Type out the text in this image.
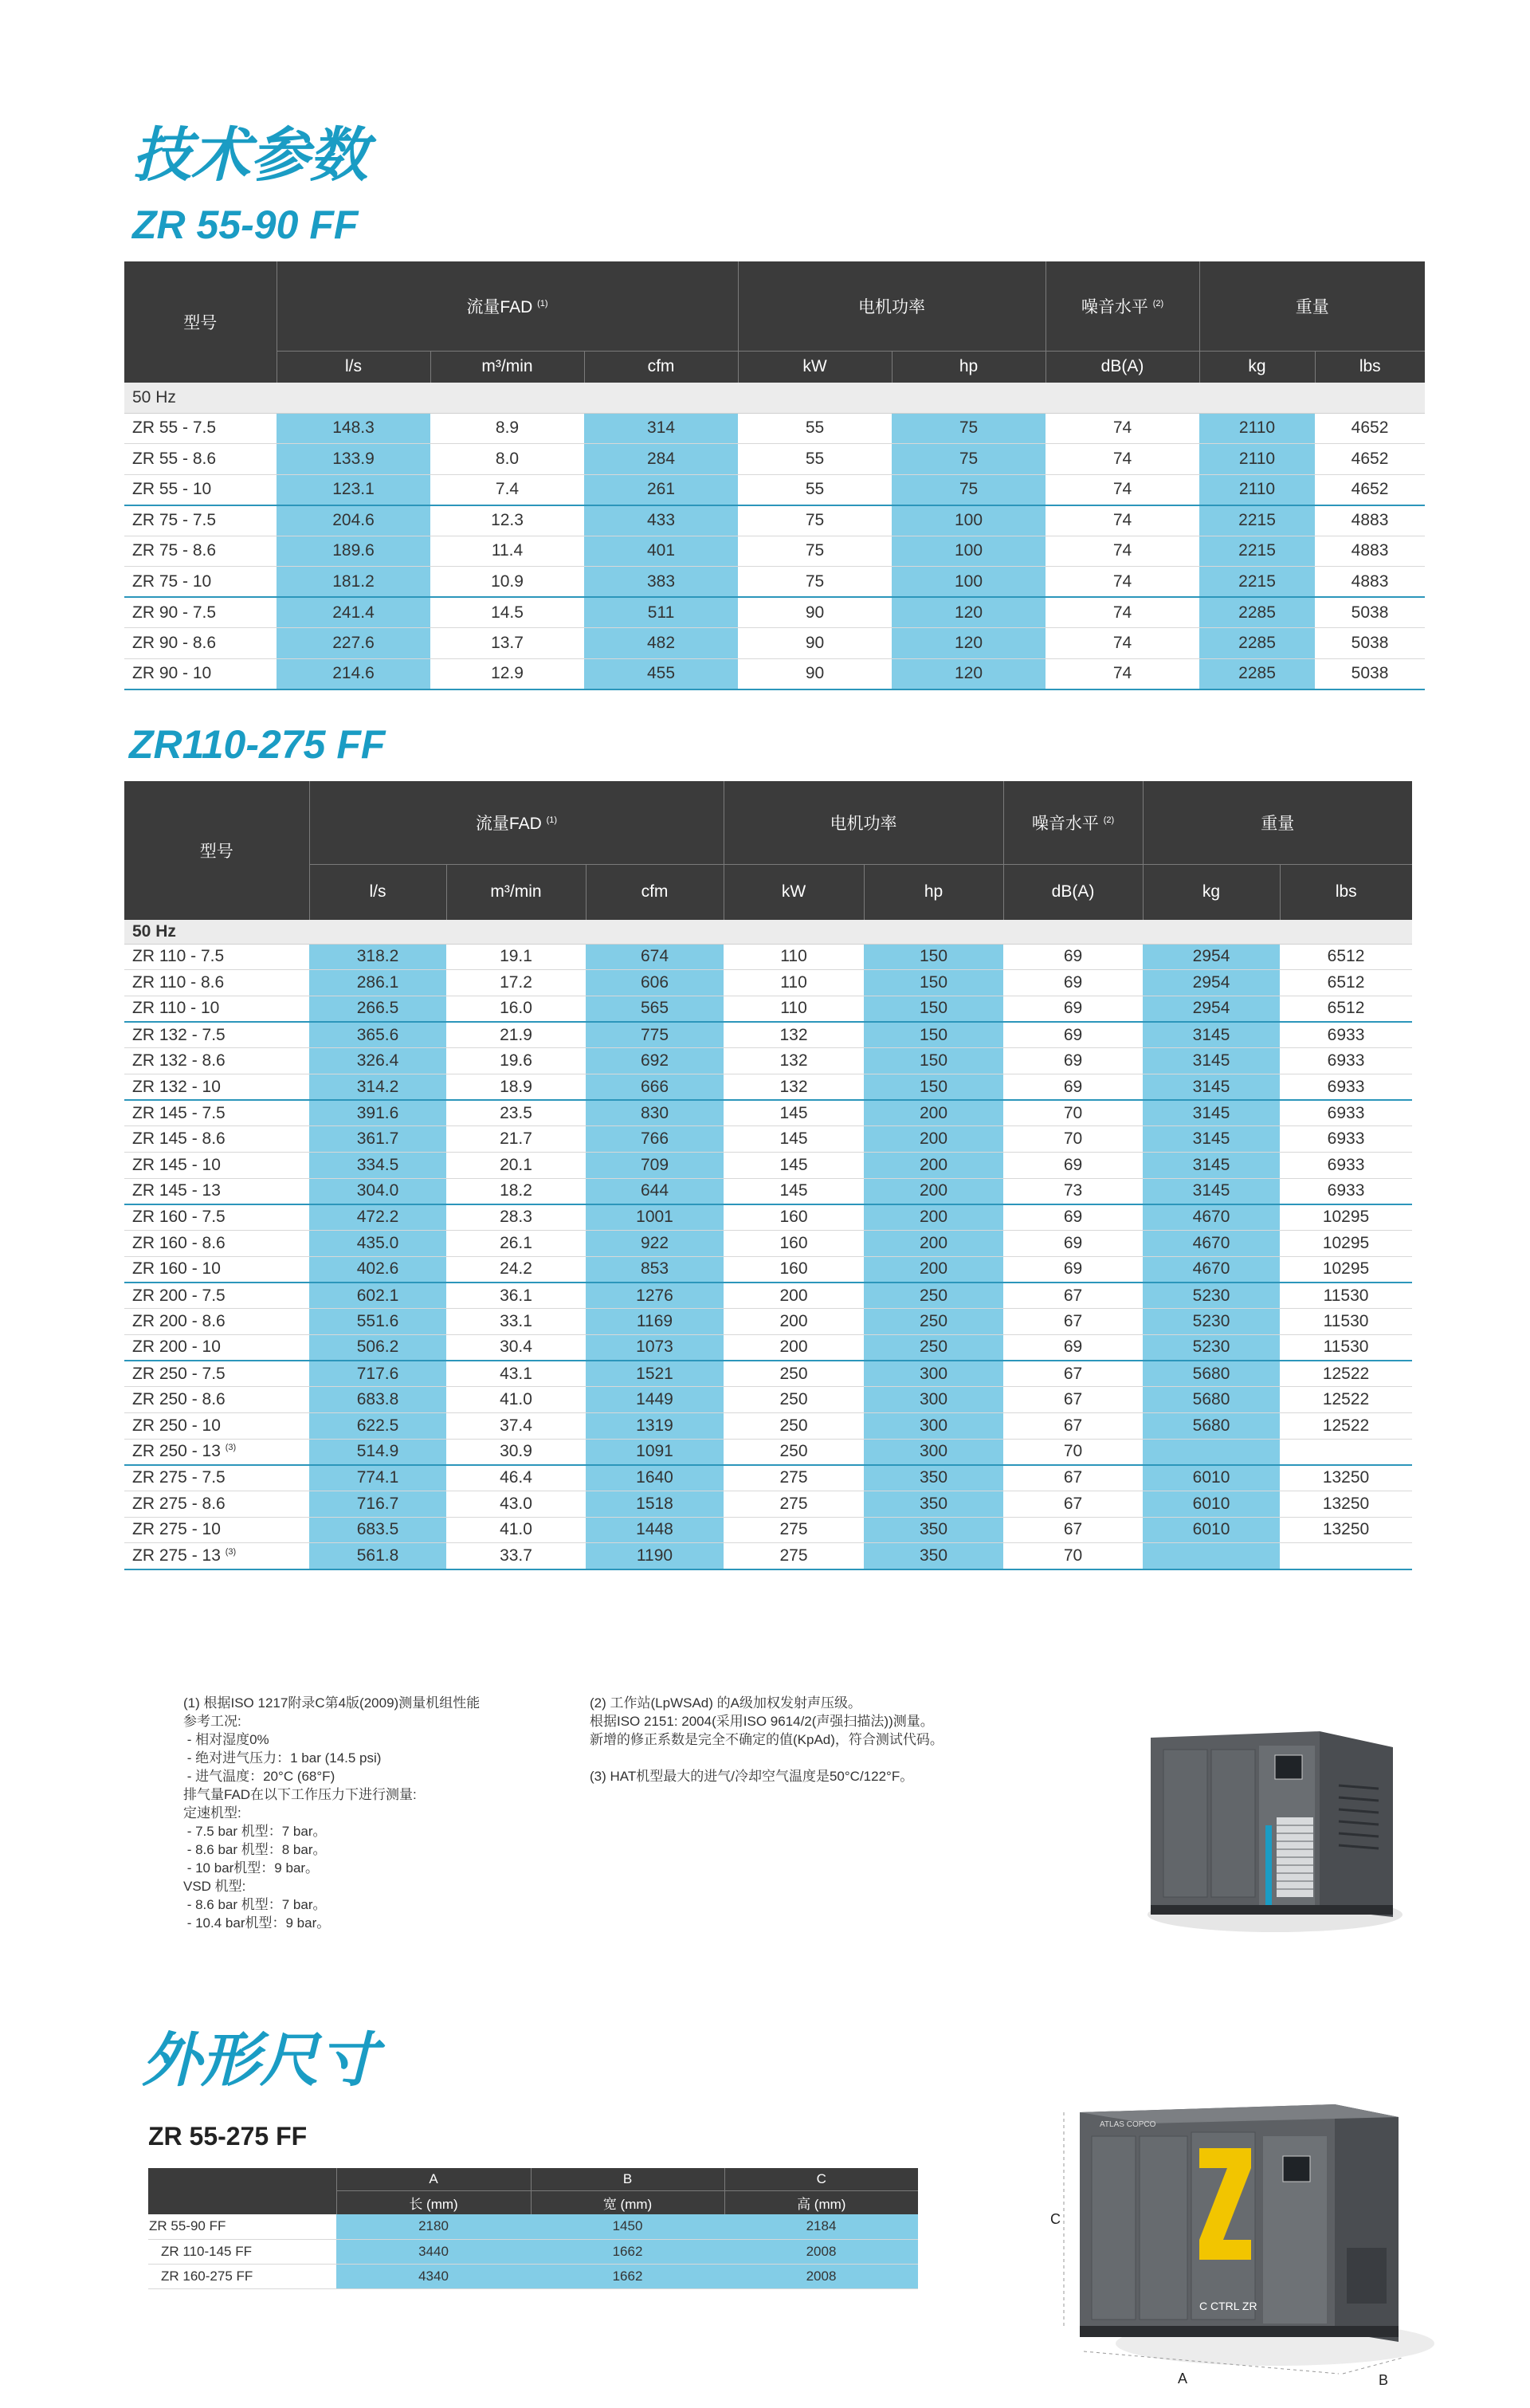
技术参数
ZR 55-90 FF
型号	流量FAD $^{(1)}$			电机功率		噪音水平 $^{(2)}$	重量	
	l/s	m³/min	cfm	kW	hp	dB(A)	kg	lbs
50 Hz								
ZR 55 - 7.5	148.3	8.9	314	55	75	74	2110	4652
ZR 55 - 8.6	133.9	8.0	284	55	75	74	2110	4652
ZR 55 - 10	123.1	7.4	261	55	75	74	2110	4652
ZR 75 - 7.5	204.6	12.3	433	75	100	74	2215	4883
ZR 75 - 8.6	189.6	11.4	401	75	100	74	2215	4883
ZR 75 - 10	181.2	10.9	383	75	100	74	2215	4883
ZR 90 - 7.5	241.4	14.5	511	90	120	74	2285	5038
ZR 90 - 8.6	227.6	13.7	482	90	120	74	2285	5038
ZR 90 - 10	214.6	12.9	455	90	120	74	2285	5038
ZR110-275 FF
型号	流量FAD $^{(1)}$			电机功率		噪音水平 $^{(2)}$	重量	
	l/s	m³/min	cfm	kW	hp	dB(A)	kg	lbs
50 Hz								
ZR 110 - 7.5	318.2	19.1	674	110	150	69	2954	6512
ZR 110 - 8.6	286.1	17.2	606	110	150	69	2954	6512
ZR 110 - 10	266.5	16.0	565	110	150	69	2954	6512
ZR 132 - 7.5	365.6	21.9	775	132	150	69	3145	6933
ZR 132 - 8.6	326.4	19.6	692	132	150	69	3145	6933
ZR 132 - 10	314.2	18.9	666	132	150	69	3145	6933
ZR 145 - 7.5	391.6	23.5	830	145	200	70	3145	6933
ZR 145 - 8.6	361.7	21.7	766	145	200	70	3145	6933
ZR 145 - 10	334.5	20.1	709	145	200	69	3145	6933
ZR 145 - 13	304.0	18.2	644	145	200	73	3145	6933
ZR 160 - 7.5	472.2	28.3	1001	160	200	69	4670	10295
ZR 160 - 8.6	435.0	26.1	922	160	200	69	4670	10295
ZR 160 - 10	402.6	24.2	853	160	200	69	4670	10295
ZR 200 - 7.5	602.1	36.1	1276	200	250	67	5230	11530
ZR 200 - 8.6	551.6	33.1	1169	200	250	67	5230	11530
ZR 200 - 10	506.2	30.4	1073	200	250	69	5230	11530
ZR 250 - 7.5	717.6	43.1	1521	250	300	67	5680	12522
ZR 250 - 8.6	683.8	41.0	1449	250	300	67	5680	12522
ZR 250 - 10	622.5	37.4	1319	250	300	67	5680	12522
ZR 250 - 13 $^{(3)}$	514.9	30.9	1091	250	300	70		
ZR 275 - 7.5	774.1	46.4	1640	275	350	67	6010	13250
ZR 275 - 8.6	716.7	43.0	1518	275	350	67	6010	13250
ZR 275 - 10	683.5	41.0	1448	275	350	67	6010	13250
ZR 275 - 13 $^{(3)}$	561.8	33.7	1190	275	350	70		
(1) 根据ISO 1217附录C第4版(2009)测量机组性能
参考工况:
- 相对湿度0%
- 绝对进气压力：1 bar (14.5 psi)
- 进气温度：20°C (68°F)
排气量FAD在以下工作压力下进行测量:
定速机型:
- 7.5 bar 机型：7 bar。
- 8.6 bar 机型：8 bar。
- 10 bar机型：9 bar。
VSD 机型:
- 8.6 bar 机型：7 bar。
- 10.4 bar机型：9 bar。
(2) 工作站(LpWSAd) 的A级加权发射声压级。
根据ISO 2151: 2004(采用ISO 9614/2(声强扫描法))测量。
新增的修正系数是完全不确定的值(KpAd)，符合测试代码。
(3) HAT机型最大的进气/冷却空气温度是50°C/122°F。
外形尺寸
ZR 55-275 FF
	A	B	C
	长 (mm)	宽 (mm)	高 (mm)
ZR 55-90 FF	2180	1450	2184
ZR 110-145 FF	3440	1662	2008
ZR 160-275 FF	4340	1662	2008
ATLAS COPCO
C CTRL ZR
C
A	B
